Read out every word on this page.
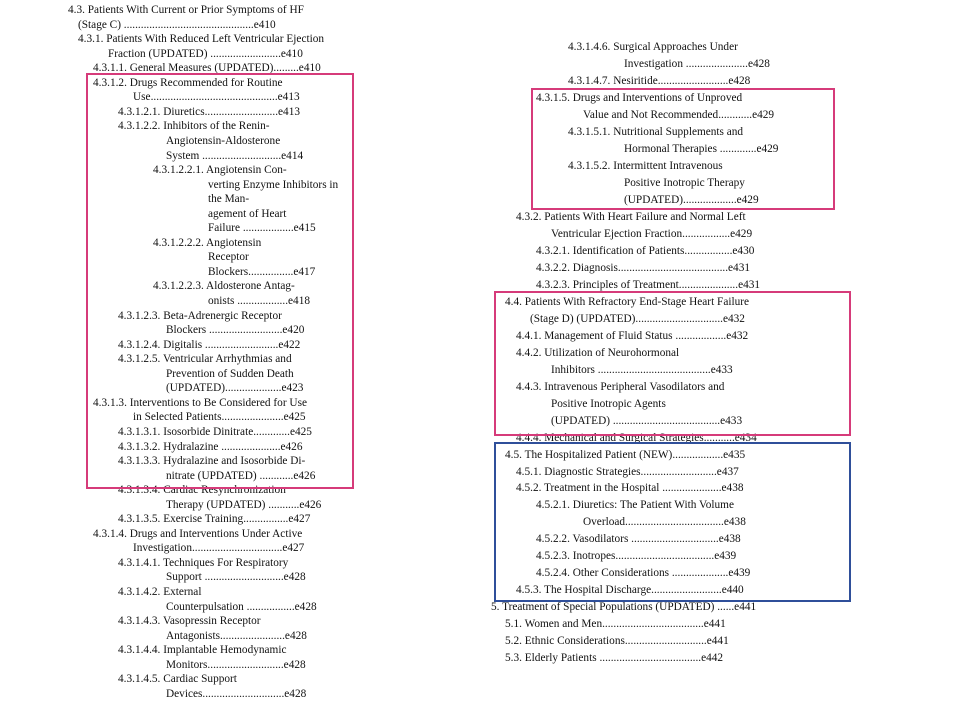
4.3. Patients With Current or Prior Symptoms of HF
(Stage C) ..............................................e410
4.3.1. Patients With Reduced Left Ventricular Ejection
Fraction (UPDATED) .........................e410
4.3.1.1. General Measures (UPDATED).........e410
4.3.1.2. Drugs Recommended for Routine
Use.............................................e413
4.3.1.2.1. Diuretics..........................e413
4.3.1.2.2. Inhibitors of the Renin-
Angiotensin-Aldosterone
System ............................e414
4.3.1.2.2.1. Angiotensin Con-
verting Enzyme Inhibitors in
the Man-
agement of Heart
Failure ..................e415
4.3.1.2.2.2. Angiotensin
Receptor
Blockers................e417
4.3.1.2.2.3. Aldosterone Antag-
onists ..................e418
4.3.1.2.3. Beta-Adrenergic Receptor
Blockers ..........................e420
4.3.1.2.4. Digitalis ..........................e422
4.3.1.2.5. Ventricular Arrhythmias and
Prevention of Sudden Death
(UPDATED)....................e423
4.3.1.3. Interventions to Be Considered for Use
in Selected Patients......................e425
4.3.1.3.1. Isosorbide Dinitrate.............e425
4.3.1.3.2. Hydralazine .....................e426
4.3.1.3.3. Hydralazine and Isosorbide Di-
nitrate (UPDATED) ............e426
4.3.1.3.4. Cardiac Resynchronization
Therapy (UPDATED) ...........e426
4.3.1.3.5. Exercise Training................e427
4.3.1.4. Drugs and Interventions Under Active
Investigation................................e427
4.3.1.4.1. Techniques For Respiratory
Support ............................e428
4.3.1.4.2. External
Counterpulsation .................e428
4.3.1.4.3. Vasopressin Receptor
Antagonists.......................e428
4.3.1.4.4. Implantable Hemodynamic
Monitors...........................e428
4.3.1.4.5. Cardiac Support
Devices.............................e428
4.3.1.4.6. Surgical Approaches Under
Investigation ......................e428
4.3.1.4.7. Nesiritide.........................e428
4.3.1.5. Drugs and Interventions of Unproved
Value and Not Recommended............e429
4.3.1.5.1. Nutritional Supplements and
Hormonal Therapies .............e429
4.3.1.5.2. Intermittent Intravenous
Positive Inotropic Therapy
(UPDATED)...................e429
4.3.2. Patients With Heart Failure and Normal Left
Ventricular Ejection Fraction.................e429
4.3.2.1. Identification of Patients.................e430
4.3.2.2. Diagnosis.......................................e431
4.3.2.3. Principles of Treatment.....................e431
4.4. Patients With Refractory End-Stage Heart Failure
(Stage D) (UPDATED)...............................e432
4.4.1. Management of Fluid Status ..................e432
4.4.2. Utilization of Neurohormonal
Inhibitors ........................................e433
4.4.3. Intravenous Peripheral Vasodilators and
Positive Inotropic Agents
(UPDATED) ......................................e433
4.4.4. Mechanical and Surgical Strategies...........e434
4.5. The Hospitalized Patient (NEW)..................e435
4.5.1. Diagnostic Strategies...........................e437
4.5.2. Treatment in the Hospital .....................e438
4.5.2.1. Diuretics: The Patient With Volume
Overload...................................e438
4.5.2.2. Vasodilators ...............................e438
4.5.2.3. Inotropes...................................e439
4.5.2.4. Other Considerations ....................e439
4.5.3. The Hospital Discharge.........................e440
5. Treatment of Special Populations (UPDATED) ......e441
5.1. Women and Men....................................e441
5.2. Ethnic Considerations.............................e441
5.3. Elderly Patients ....................................e442
